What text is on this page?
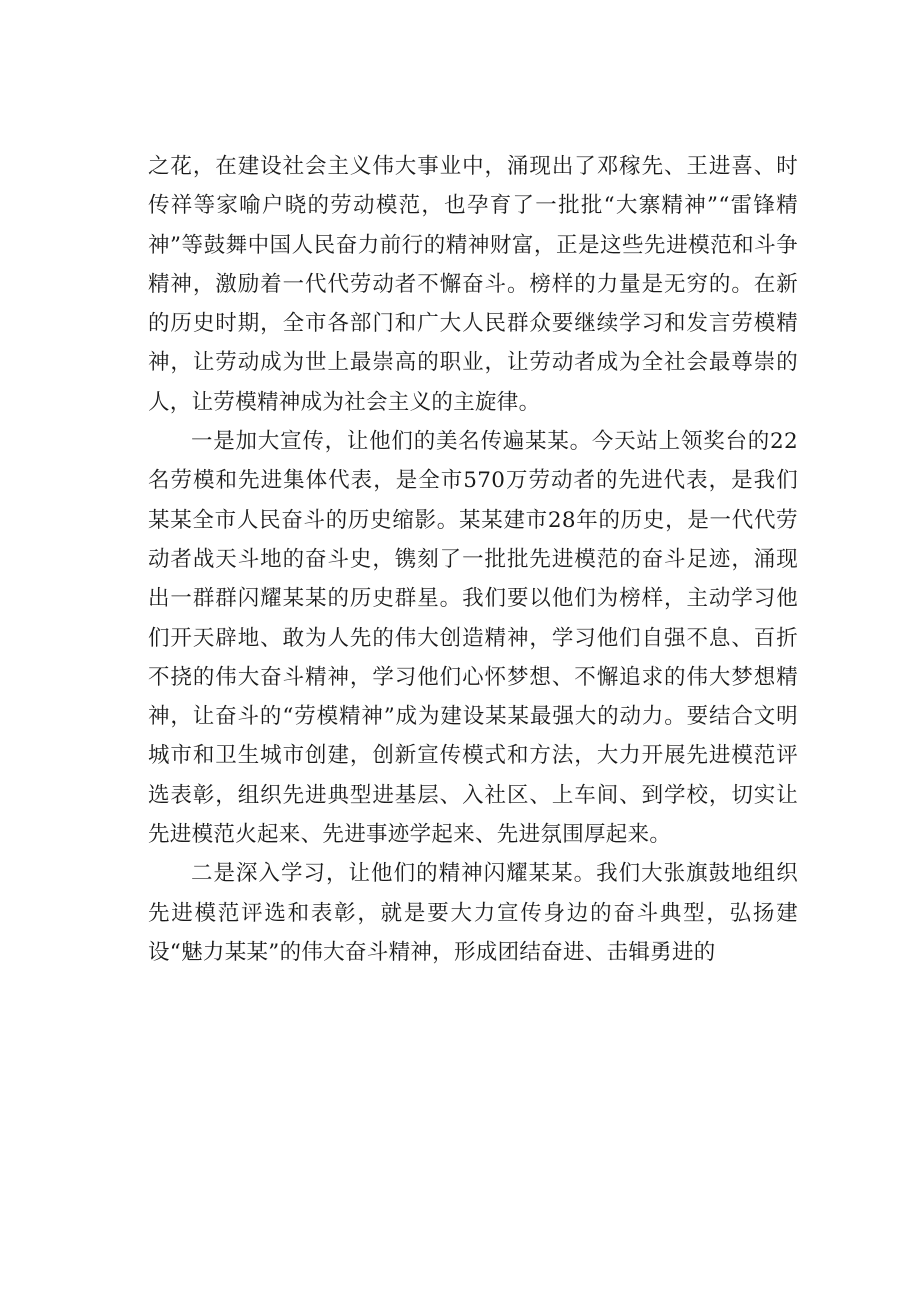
之花，在建设社会主义伟大事业中，涌现出了邓稼先、王进喜、时传祥等家喻户晓的劳动模范，也孕育了一批批“大寨精神”“雷锋精神”等鼓舞中国人民奋力前行的精神财富，正是这些先进模范和斗争精神，激励着一代代劳动者不懈奋斗。榜样的力量是无穷的。在新的历史时期，全市各部门和广大人民群众要继续学习和发言劳模精神，让劳动成为世上最崇高的职业，让劳动者成为全社会最尊崇的人，让劳模精神成为社会主义的主旋律。

一是加大宣传，让他们的美名传遍某某。今天站上领奖台的22名劳模和先进集体代表，是全市570万劳动者的先进代表，是我们某某全市人民奋斗的历史缩影。某某建市28年的历史，是一代代劳动者战天斗地的奋斗史，镌刻了一批批先进模范的奋斗足迹，涌现出一群群闪耀某某的历史群星。我们要以他们为榜样，主动学习他们开天辟地、敢为人先的伟大创造精神，学习他们自强不息、百折不挠的伟大奋斗精神，学习他们心怀梦想、不懈追求的伟大梦想精神，让奋斗的“劳模精神”成为建设某某最强大的动力。要结合文明城市和卫生城市创建，创新宣传模式和方法，大力开展先进模范评选表彰，组织先进典型进基层、入社区、上车间、到学校，切实让先进模范火起来、先进事迹学起来、先进氛围厚起来。

二是深入学习，让他们的精神闪耀某某。我们大张旗鼓地组织先进模范评选和表彰，就是要大力宣传身边的奋斗典型，弘扬建设“魅力某某”的伟大奋斗精神，形成团结奋进、击辑勇进的
